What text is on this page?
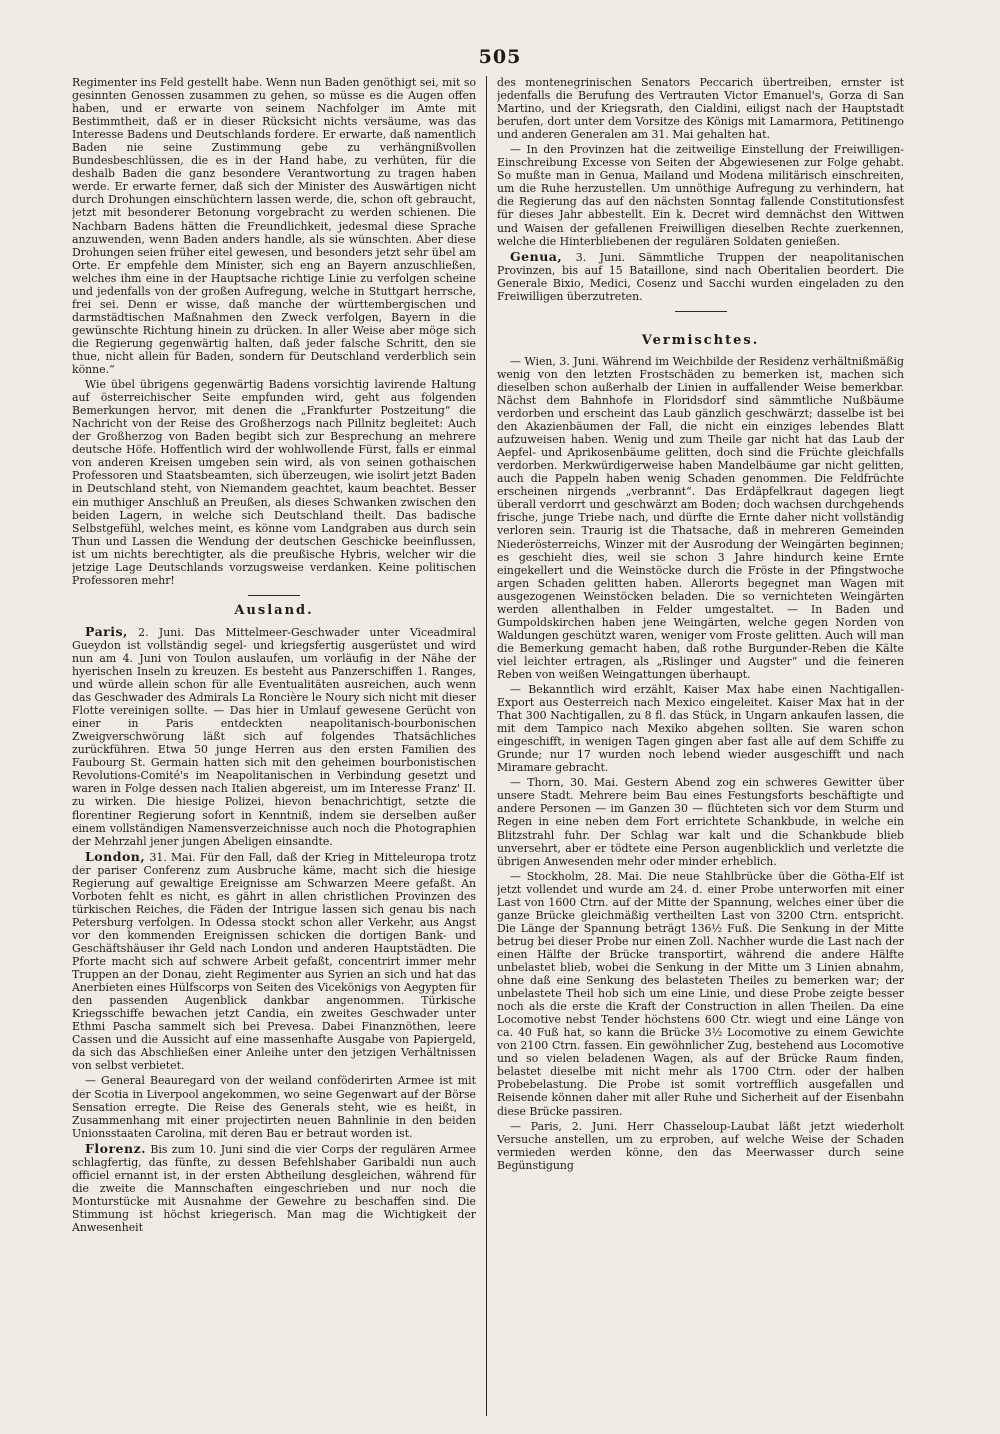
505

Regimenter ins Feld gestellt habe. Wenn nun Baden genöthigt sei, mit so gesinnten Genossen zusammen zu gehen, so müsse es die Augen offen haben, und er erwarte von seinem Nachfolger im Amte mit Bestimmtheit, daß er in dieser Rücksicht nichts versäume, was das Interesse Badens und Deutschlands fordere. Er erwarte, daß namentlich Baden nie seine Zustimmung gebe zu verhängnißvollen Bundesbeschlüssen, die es in der Hand habe, zu verhüten, für die deshalb Baden die ganz besondere Verantwortung zu tragen haben werde. Er erwarte ferner, daß sich der Minister des Auswärtigen nicht durch Drohungen einschüchtern lassen werde, die, schon oft gebraucht, jetzt mit besonderer Betonung vorgebracht zu werden schienen. Die Nachbarn Badens hätten die Freundlichkeit, jedesmal diese Sprache anzuwenden, wenn Baden anders handle, als sie wünschten. Aber diese Drohungen seien früher eitel gewesen, und besonders jetzt sehr übel am Orte. Er empfehle dem Minister, sich eng an Bayern anzuschließen, welches ihm eine in der Hauptsache richtige Linie zu verfolgen scheine und jedenfalls von der großen Aufregung, welche in Stuttgart herrsche, frei sei. Denn er wisse, daß manche der württembergischen und darmstädtischen Maßnahmen den Zweck verfolgen, Bayern in die gewünschte Richtung hinein zu drücken. In aller Weise aber möge sich die Regierung gegenwärtig halten, daß jeder falsche Schritt, den sie thue, nicht allein für Baden, sondern für Deutschland verderblich sein könne.“

Wie übel übrigens gegenwärtig Badens vorsichtig lavirende Haltung auf österreichischer Seite empfunden wird, geht aus folgenden Bemerkungen hervor, mit denen die „Frankfurter Postzeitung“ die Nachricht von der Reise des Großherzogs nach Pillnitz begleitet: Auch der Großherzog von Baden begibt sich zur Besprechung an mehrere deutsche Höfe. Hoffentlich wird der wohlwollende Fürst, falls er einmal von anderen Kreisen umgeben sein wird, als von seinen gothaischen Professoren und Staatsbeamten, sich überzeugen, wie isolirt jetzt Baden in Deutschland steht, von Niemandem geachtet, kaum beachtet. Besser ein muthiger Anschluß an Preußen, als dieses Schwanken zwischen den beiden Lagern, in welche sich Deutschland theilt. Das badische Selbstgefühl, welches meint, es könne vom Landgraben aus durch sein Thun und Lassen die Wendung der deutschen Geschicke beeinflussen, ist um nichts berechtigter, als die preußische Hybris, welcher wir die jetzige Lage Deutschlands vorzugsweise verdanken. Keine politischen Professoren mehr!

Ausland.

Paris, 2. Juni. Das Mittelmeer-Geschwader unter Viceadmiral Gueydon ist vollständig segel- und kriegsfertig ausgerüstet und wird nun am 4. Juni von Toulon auslaufen, um vorläufig in der Nähe der hyerischen Inseln zu kreuzen. Es besteht aus Panzerschiffen 1. Ranges, und würde allein schon für alle Eventualitäten ausreichen, auch wenn das Geschwader des Admirals La Roncière le Noury sich nicht mit dieser Flotte vereinigen sollte. — Das hier in Umlauf gewesene Gerücht von einer in Paris entdeckten neapolitanisch-bourbonischen Zweigverschwörung läßt sich auf folgendes Thatsächliches zurückführen. Etwa 50 junge Herren aus den ersten Familien des Faubourg St. Germain hatten sich mit den geheimen bourbonistischen Revolutions-Comité's im Neapolitanischen in Verbindung gesetzt und waren in Folge dessen nach Italien abgereist, um im Interesse Franz' II. zu wirken. Die hiesige Polizei, hievon benachrichtigt, setzte die florentiner Regierung sofort in Kenntniß, indem sie derselben außer einem vollständigen Namensverzeichnisse auch noch die Photographien der Mehrzahl jener jungen Abeligen einsandte.

London, 31. Mai. Für den Fall, daß der Krieg in Mitteleuropa trotz der pariser Conferenz zum Ausbruche käme, macht sich die hiesige Regierung auf gewaltige Ereignisse am Schwarzen Meere gefaßt. An Vorboten fehlt es nicht, es gährt in allen christlichen Provinzen des türkischen Reiches, die Fäden der Intrigue lassen sich genau bis nach Petersburg verfolgen. In Odessa stockt schon aller Verkehr, aus Angst vor den kommenden Ereignissen schicken die dortigen Bank- und Geschäftshäuser ihr Geld nach London und anderen Hauptstädten. Die Pforte macht sich auf schwere Arbeit gefaßt, concentrirt immer mehr Truppen an der Donau, zieht Regimenter aus Syrien an sich und hat das Anerbieten eines Hülfscorps von Seiten des Vicekönigs von Aegypten für den passenden Augenblick dankbar angenommen. Türkische Kriegsschiffe bewachen jetzt Candia, ein zweites Geschwader unter Ethmi Pascha sammelt sich bei Prevesa. Dabei Finanznöthen, leere Cassen und die Aussicht auf eine massenhafte Ausgabe von Papiergeld, da sich das Abschließen einer Anleihe unter den jetzigen Verhältnissen von selbst verbietet.

— General Beauregard von der weiland conföderirten Armee ist mit der Scotia in Liverpool angekommen, wo seine Gegenwart auf der Börse Sensation erregte. Die Reise des Generals steht, wie es heißt, in Zusammenhang mit einer projectirten neuen Bahnlinie in den beiden Unionsstaaten Carolina, mit deren Bau er betraut worden ist.

Florenz. Bis zum 10. Juni sind die vier Corps der regulären Armee schlagfertig, das fünfte, zu dessen Befehlshaber Garibaldi nun auch officiel ernannt ist, in der ersten Abtheilung desgleichen, während für die zweite die Mannschaften eingeschrieben und nur noch die Monturstücke mit Ausnahme der Gewehre zu beschaffen sind. Die Stimmung ist höchst kriegerisch. Man mag die Wichtigkeit der Anwesenheit

des montenegrinischen Senators Peccarich übertreiben, ernster ist jedenfalls die Berufung des Vertrauten Victor Emanuel's, Gorza di San Martino, und der Kriegsrath, den Cialdini, eiligst nach der Hauptstadt berufen, dort unter dem Vorsitze des Königs mit Lamarmora, Petitinengo und anderen Generalen am 31. Mai gehalten hat.

— In den Provinzen hat die zeitweilige Einstellung der Freiwilligen-Einschreibung Excesse von Seiten der Abgewiesenen zur Folge gehabt. So mußte man in Genua, Mailand und Modena militärisch einschreiten, um die Ruhe herzustellen. Um unnöthige Aufregung zu verhindern, hat die Regierung das auf den nächsten Sonntag fallende Constitutionsfest für dieses Jahr abbestellt. Ein k. Decret wird demnächst den Wittwen und Waisen der gefallenen Freiwilligen dieselben Rechte zuerkennen, welche die Hinterbliebenen der regulären Soldaten genießen.

Genua, 3. Juni. Sämmtliche Truppen der neapolitanischen Provinzen, bis auf 15 Bataillone, sind nach Oberitalien beordert. Die Generale Bixio, Medici, Cosenz und Sacchi wurden eingeladen zu den Freiwilligen überzutreten.

Vermischtes.

— Wien, 3. Juni. Während im Weichbilde der Residenz verhältnißmäßig wenig von den letzten Frostschäden zu bemerken ist, machen sich dieselben schon außerhalb der Linien in auffallender Weise bemerkbar. Nächst dem Bahnhofe in Floridsdorf sind sämmtliche Nußbäume verdorben und erscheint das Laub gänzlich geschwärzt; dasselbe ist bei den Akazienbäumen der Fall, die nicht ein einziges lebendes Blatt aufzuweisen haben. Wenig und zum Theile gar nicht hat das Laub der Aepfel- und Aprikosenbäume gelitten, doch sind die Früchte gleichfalls verdorben. Merkwürdigerweise haben Mandelbäume gar nicht gelitten, auch die Pappeln haben wenig Schaden genommen. Die Feldfrüchte erscheinen nirgends „verbrannt“. Das Erdäpfelkraut dagegen liegt überall verdorrt und geschwärzt am Boden; doch wachsen durchgehends frische, junge Triebe nach, und dürfte die Ernte daher nicht vollständig verloren sein. Traurig ist die Thatsache, daß in mehreren Gemeinden Niederösterreichs, Winzer mit der Ausrodung der Weingärten beginnen; es geschieht dies, weil sie schon 3 Jahre hindurch keine Ernte eingekellert und die Weinstöcke durch die Fröste in der Pfingstwoche argen Schaden gelitten haben. Allerorts begegnet man Wagen mit ausgezogenen Weinstöcken beladen. Die so vernichteten Weingärten werden allenthalben in Felder umgestaltet. — In Baden und Gumpoldskirchen haben jene Weingärten, welche gegen Norden von Waldungen geschützt waren, weniger vom Froste gelitten. Auch will man die Bemerkung gemacht haben, daß rothe Burgunder-Reben die Kälte viel leichter ertragen, als „Rislinger und Augster“ und die feineren Reben von weißen Weingattungen überhaupt.

— Bekanntlich wird erzählt, Kaiser Max habe einen Nachtigallen-Export aus Oesterreich nach Mexico eingeleitet. Kaiser Max hat in der That 300 Nachtigallen, zu 8 fl. das Stück, in Ungarn ankaufen lassen, die mit dem Tampico nach Mexiko abgehen sollten. Sie waren schon eingeschifft, in wenigen Tagen gingen aber fast alle auf dem Schiffe zu Grunde; nur 17 wurden noch lebend wieder ausgeschifft und nach Miramare gebracht.

— Thorn, 30. Mai. Gestern Abend zog ein schweres Gewitter über unsere Stadt. Mehrere beim Bau eines Festungsforts beschäftigte und andere Personen — im Ganzen 30 — flüchteten sich vor dem Sturm und Regen in eine neben dem Fort errichtete Schankbude, in welche ein Blitzstrahl fuhr. Der Schlag war kalt und die Schankbude blieb unversehrt, aber er tödtete eine Person augenblicklich und verletzte die übrigen Anwesenden mehr oder minder erheblich.

— Stockholm, 28. Mai. Die neue Stahlbrücke über die Götha-Elf ist jetzt vollendet und wurde am 24. d. einer Probe unterworfen mit einer Last von 1600 Ctrn. auf der Mitte der Spannung, welches einer über die ganze Brücke gleichmäßig vertheilten Last von 3200 Ctrn. entspricht. Die Länge der Spannung beträgt 136½ Fuß. Die Senkung in der Mitte betrug bei dieser Probe nur einen Zoll. Nachher wurde die Last nach der einen Hälfte der Brücke transportirt, während die andere Hälfte unbelastet blieb, wobei die Senkung in der Mitte um 3 Linien abnahm, ohne daß eine Senkung des belasteten Theiles zu bemerken war; der unbelastete Theil hob sich um eine Linie, und diese Probe zeigte besser noch als die erste die Kraft der Construction in allen Theilen. Da eine Locomotive nebst Tender höchstens 600 Ctr. wiegt und eine Länge von ca. 40 Fuß hat, so kann die Brücke 3½ Locomotive zu einem Gewichte von 2100 Ctrn. fassen. Ein gewöhnlicher Zug, bestehend aus Locomotive und so vielen beladenen Wagen, als auf der Brücke Raum finden, belastet dieselbe mit nicht mehr als 1700 Ctrn. oder der halben Probebelastung. Die Probe ist somit vortrefflich ausgefallen und Reisende können daher mit aller Ruhe und Sicherheit auf der Eisenbahn diese Brücke passiren.

— Paris, 2. Juni. Herr Chasseloup-Laubat läßt jetzt wiederholt Versuche anstellen, um zu erproben, auf welche Weise der Schaden vermieden werden könne, den das Meerwasser durch seine Begünstigung
